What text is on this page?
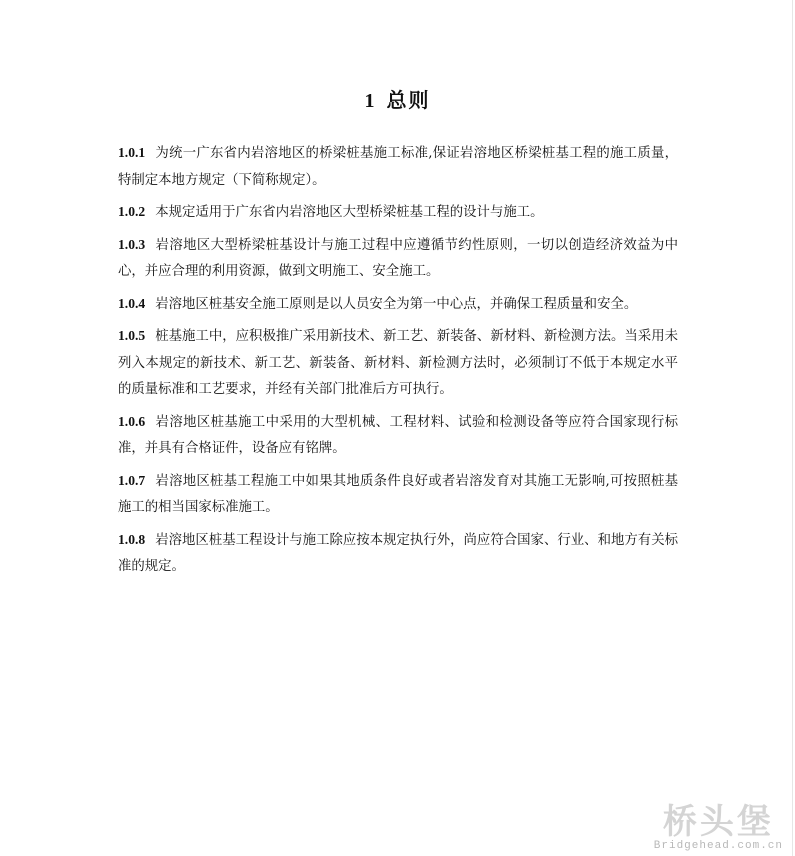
1 总则

1.0.1 为统一广东省内岩溶地区的桥梁桩基施工标准,保证岩溶地区桥梁桩基工程的施工质量，特制定本地方规定（下简称规定）。

1.0.2 本规定适用于广东省内岩溶地区大型桥梁桩基工程的设计与施工。

1.0.3 岩溶地区大型桥梁桩基设计与施工过程中应遵循节约性原则，一切以创造经济效益为中心，并应合理的利用资源，做到文明施工、安全施工。

1.0.4 岩溶地区桩基安全施工原则是以人员安全为第一中心点，并确保工程质量和安全。

1.0.5 桩基施工中，应积极推广采用新技术、新工艺、新装备、新材料、新检测方法。当采用未列入本规定的新技术、新工艺、新装备、新材料、新检测方法时，必须制订不低于本规定水平的质量标准和工艺要求，并经有关部门批准后方可执行。

1.0.6 岩溶地区桩基施工中采用的大型机械、工程材料、试验和检测设备等应符合国家现行标准，并具有合格证件，设备应有铭牌。

1.0.7 岩溶地区桩基工程施工中如果其地质条件良好或者岩溶发育对其施工无影响,可按照桩基施工的相当国家标准施工。

1.0.8 岩溶地区桩基工程设计与施工除应按本规定执行外，尚应符合国家、行业、和地方有关标准的规定。

桥头堡
Bridgehead.com.cn
